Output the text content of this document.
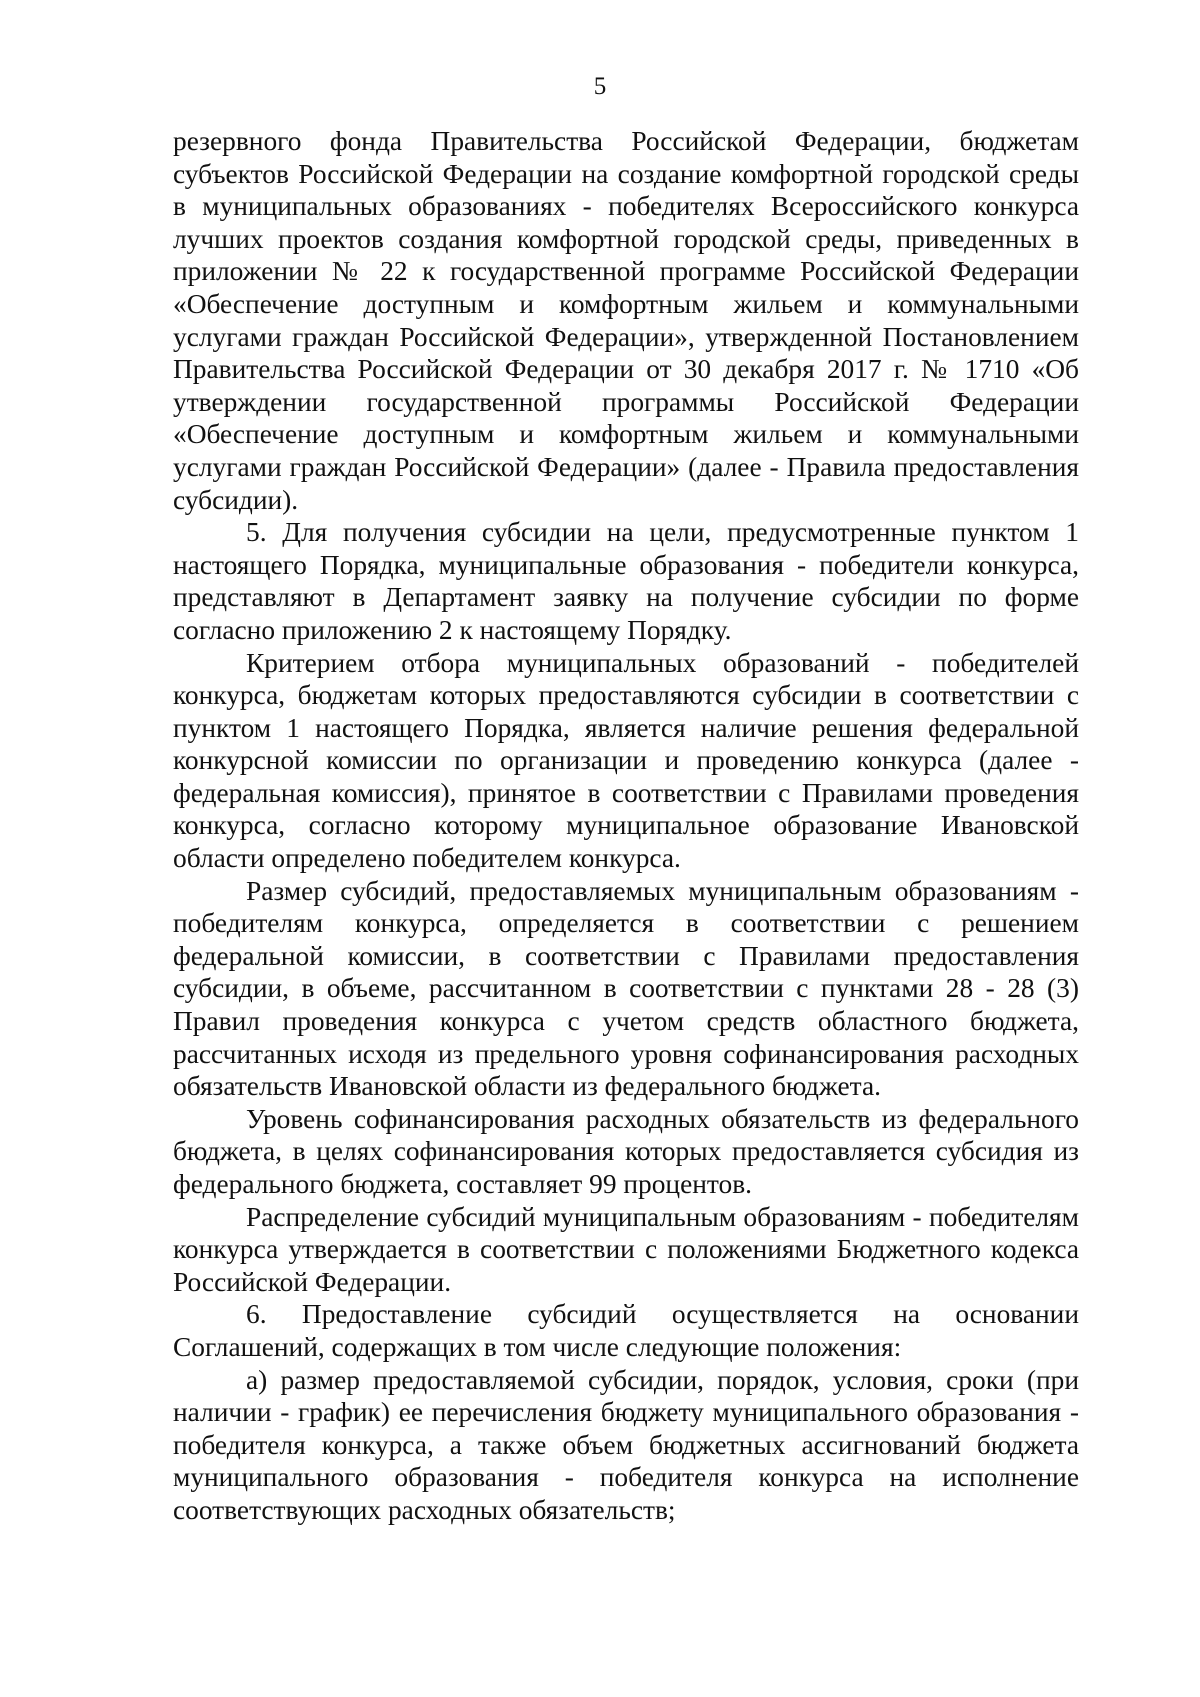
5

резервного фонда Правительства Российской Федерации, бюджетам субъектов Российской Федерации на создание комфортной городской среды в муниципальных образованиях - победителях Всероссийского конкурса лучших проектов создания комфортной городской среды, приведенных в приложении № 22 к государственной программе Российской Федерации «Обеспечение доступным и комфортным жильем и коммунальными услугами граждан Российской Федерации», утвержденной Постановлением Правительства Российской Федерации от 30 декабря 2017 г. № 1710 «Об утверждении государственной программы Российской Федерации «Обеспечение доступным и комфортным жильем и коммунальными услугами граждан Российской Федерации» (далее - Правила предоставления субсидии).

5. Для получения субсидии на цели, предусмотренные пунктом 1 настоящего Порядка, муниципальные образования - победители конкурса, представляют в Департамент заявку на получение субсидии по форме согласно приложению 2 к настоящему Порядку.

Критерием отбора муниципальных образований - победителей конкурса, бюджетам которых предоставляются субсидии в соответствии с пунктом 1 настоящего Порядка, является наличие решения федеральной конкурсной комиссии по организации и проведению конкурса (далее - федеральная комиссия), принятое в соответствии с Правилами проведения конкурса, согласно которому муниципальное образование Ивановской области определено победителем конкурса.

Размер субсидий, предоставляемых муниципальным образованиям - победителям конкурса, определяется в соответствии с решением федеральной комиссии, в соответствии с Правилами предоставления субсидии, в объеме, рассчитанном в соответствии с пунктами 28 - 28 (3) Правил проведения конкурса с учетом средств областного бюджета, рассчитанных исходя из предельного уровня софинансирования расходных обязательств Ивановской области из федерального бюджета.

Уровень софинансирования расходных обязательств из федерального бюджета, в целях софинансирования которых предоставляется субсидия из федерального бюджета, составляет 99 процентов.

Распределение субсидий муниципальным образованиям - победителям конкурса утверждается в соответствии с положениями Бюджетного кодекса Российской Федерации.

6. Предоставление субсидий осуществляется на основании Соглашений, содержащих в том числе следующие положения:

а) размер предоставляемой субсидии, порядок, условия, сроки (при наличии - график) ее перечисления бюджету муниципального образования - победителя конкурса, а также объем бюджетных ассигнований бюджета муниципального образования - победителя конкурса на исполнение соответствующих расходных обязательств;
